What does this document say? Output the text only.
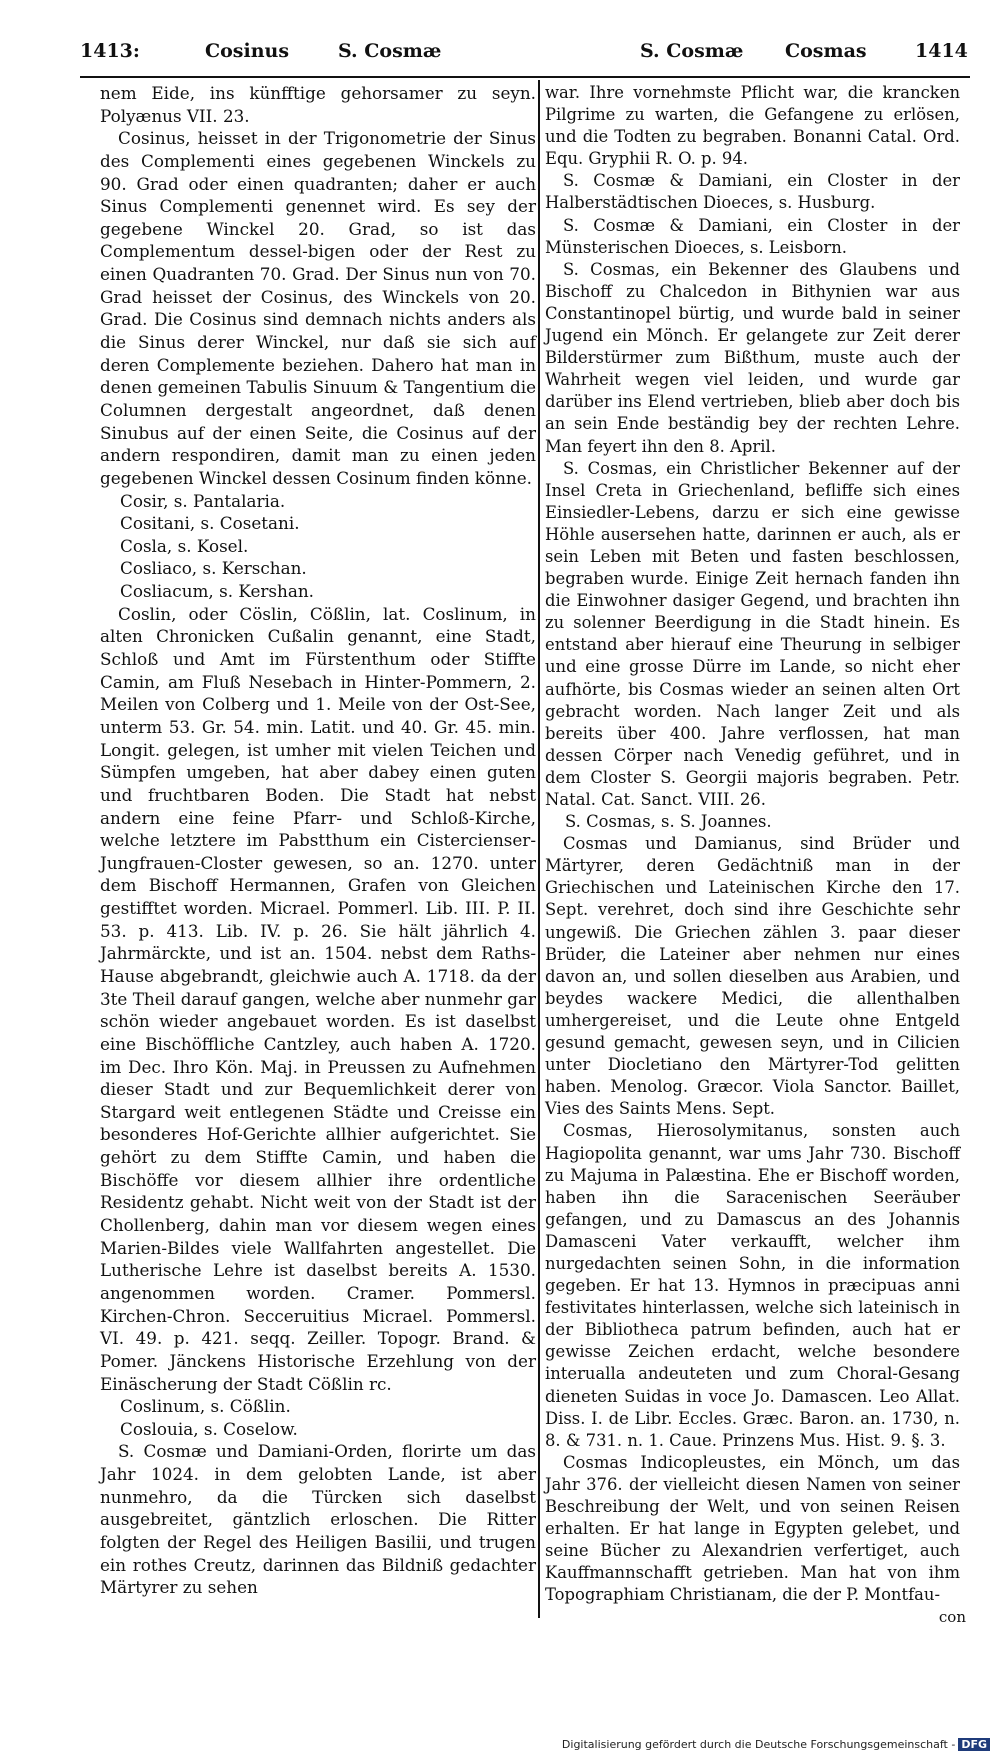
1413:	Cosinus	S. Cosmæ	S. Cosmæ Cosmas	1414

nem Eide, ins künfftige gehorsamer zu seyn. Polyænus VII. 23.

Cosinus, heisset in der Trigonometrie der Sinus des Complementi eines gegebenen Winckels zu 90. Grad oder einen quadranten; daher er auch Sinus Complementi genennet wird. Es sey der gegebene Winckel 20. Grad, so ist das Complementum dessel-bigen oder der Rest zu einen Quadranten 70. Grad. Der Sinus nun von 70. Grad heisset der Cosinus, des Winckels von 20. Grad. Die Cosinus sind demnach nichts anders als die Sinus derer Winckel, nur daß sie sich auf deren Complemente beziehen. Dahero hat man in denen gemeinen Tabulis Sinuum & Tangentium die Columnen dergestalt angeordnet, daß denen Sinubus auf der einen Seite, die Cosinus auf der andern respondiren, damit man zu einen jeden gegebenen Winckel dessen Cosinum finden könne.

Cosir, s. Pantalaria.

Cositani, s. Cosetani.

Cosla, s. Kosel.

Cosliaco, s. Kerschan.

Cosliacum, s. Kershan.

Coslin, oder Cöslin, Cößlin, lat. Coslinum, in alten Chronicken Cußalin genannt, eine Stadt, Schloß und Amt im Fürstenthum oder Stiffte Camin, am Fluß Nesebach in Hinter-Pommern, 2. Meilen von Colberg und 1. Meile von der Ost-See, unterm 53. Gr. 54. min. Latit. und 40. Gr. 45. min. Longit. gelegen, ist umher mit vielen Teichen und Sümpfen umgeben, hat aber dabey einen guten und fruchtbaren Boden. Die Stadt hat nebst andern eine feine Pfarr- und Schloß-Kirche, welche letztere im Pabstthum ein Cistercienser-Jungfrauen-Closter gewesen, so an. 1270. unter dem Bischoff Hermannen, Grafen von Gleichen gestifftet worden. Micrael. Pommerl. Lib. III. P. II. 53. p. 413. Lib. IV. p. 26. Sie hält jährlich 4. Jahrmärckte, und ist an. 1504. nebst dem Raths-Hause abgebrandt, gleichwie auch A. 1718. da der 3te Theil darauf gangen, welche aber nunmehr gar schön wieder angebauet worden. Es ist daselbst eine Bischöffliche Cantzley, auch haben A. 1720. im Dec. Ihro Kön. Maj. in Preussen zu Aufnehmen dieser Stadt und zur Bequemlichkeit derer von Stargard weit entlegenen Städte und Creisse ein besonderes Hof-Gerichte allhier aufgerichtet. Sie gehört zu dem Stiffte Camin, und haben die Bischöffe vor diesem allhier ihre ordentliche Residentz gehabt. Nicht weit von der Stadt ist der Chollenberg, dahin man vor diesem wegen eines Marien-Bildes viele Wallfahrten angestellet. Die Lutherische Lehre ist daselbst bereits A. 1530. angenommen worden. Cramer. Pommersl. Kirchen-Chron. Secceruitius Micrael. Pommersl. VI. 49. p. 421. seqq. Zeiller. Topogr. Brand. & Pomer. Jänckens Historische Erzehlung von der Einäscherung der Stadt Cößlin rc.

Coslinum, s. Cößlin.

Coslouia, s. Coselow.

S. Cosmæ und Damiani-Orden, florirte um das Jahr 1024. in dem gelobten Lande, ist aber nunmehro, da die Türcken sich daselbst ausgebreitet, gäntzlich erloschen. Die Ritter folgten der Regel des Heiligen Basilii, und trugen ein rothes Creutz, darinnen das Bildniß gedachter Märtyrer zu sehen

war. Ihre vornehmste Pflicht war, die krancken Pilgrime zu warten, die Gefangene zu erlösen, und die Todten zu begraben. Bonanni Catal. Ord. Equ. Gryphii R. O. p. 94.

S. Cosmæ & Damiani, ein Closter in der Halberstädtischen Dioeces, s. Husburg.

S. Cosmæ & Damiani, ein Closter in der Münsterischen Dioeces, s. Leisborn.

S. Cosmas, ein Bekenner des Glaubens und Bischoff zu Chalcedon in Bithynien war aus Constantinopel bürtig, und wurde bald in seiner Jugend ein Mönch. Er gelangete zur Zeit derer Bilderstürmer zum Bißthum, muste auch der Wahrheit wegen viel leiden, und wurde gar darüber ins Elend vertrieben, blieb aber doch bis an sein Ende beständig bey der rechten Lehre. Man feyert ihn den 8. April.

S. Cosmas, ein Christlicher Bekenner auf der Insel Creta in Griechenland, befliffe sich eines Einsiedler-Lebens, darzu er sich eine gewisse Höhle ausersehen hatte, darinnen er auch, als er sein Leben mit Beten und fasten beschlossen, begraben wurde. Einige Zeit hernach fanden ihn die Einwohner dasiger Gegend, und brachten ihn zu solenner Beerdigung in die Stadt hinein. Es entstand aber hierauf eine Theurung in selbiger und eine grosse Dürre im Lande, so nicht eher aufhörte, bis Cosmas wieder an seinen alten Ort gebracht worden. Nach langer Zeit und als bereits über 400. Jahre verflossen, hat man dessen Cörper nach Venedig geführet, und in dem Closter S. Georgii majoris begraben. Petr. Natal. Cat. Sanct. VIII. 26.

S. Cosmas, s. S. Joannes.

Cosmas und Damianus, sind Brüder und Märtyrer, deren Gedächtniß man in der Griechischen und Lateinischen Kirche den 17. Sept. verehret, doch sind ihre Geschichte sehr ungewiß. Die Griechen zählen 3. paar dieser Brüder, die Lateiner aber nehmen nur eines davon an, und sollen dieselben aus Arabien, und beydes wackere Medici, die allenthalben umhergereiset, und die Leute ohne Entgeld gesund gemacht, gewesen seyn, und in Cilicien unter Diocletiano den Märtyrer-Tod gelitten haben. Menolog. Græcor. Viola Sanctor. Baillet, Vies des Saints Mens. Sept.

Cosmas, Hierosolymitanus, sonsten auch Hagiopolita genannt, war ums Jahr 730. Bischoff zu Majuma in Palæstina. Ehe er Bischoff worden, haben ihn die Saracenischen Seeräuber gefangen, und zu Damascus an des Johannis Damasceni Vater verkaufft, welcher ihm nurgedachten seinen Sohn, in die information gegeben. Er hat 13. Hymnos in præcipuas anni festivitates hinterlassen, welche sich lateinisch in der Bibliotheca patrum befinden, auch hat er gewisse Zeichen erdacht, welche besondere interualla andeuteten und zum Choral-Gesang dieneten Suidas in voce Jo. Damascen. Leo Allat. Diss. I. de Libr. Eccles. Græc. Baron. an. 1730, n. 8. & 731. n. 1. Caue. Prinzens Mus. Hist. 9. §. 3.

Cosmas Indicopleustes, ein Mönch, um das Jahr 376. der vielleicht diesen Namen von seiner Beschreibung der Welt, und von seinen Reisen erhalten. Er hat lange in Egypten gelebet, und seine Bücher zu Alexandrien verfertiget, auch Kauffmannschafft getrieben. Man hat von ihm Topographiam Christianam, die der P. Montfau-

con
Digitalisierung gefördert durch die Deutsche Forschungsgemeinschaft - DFG
